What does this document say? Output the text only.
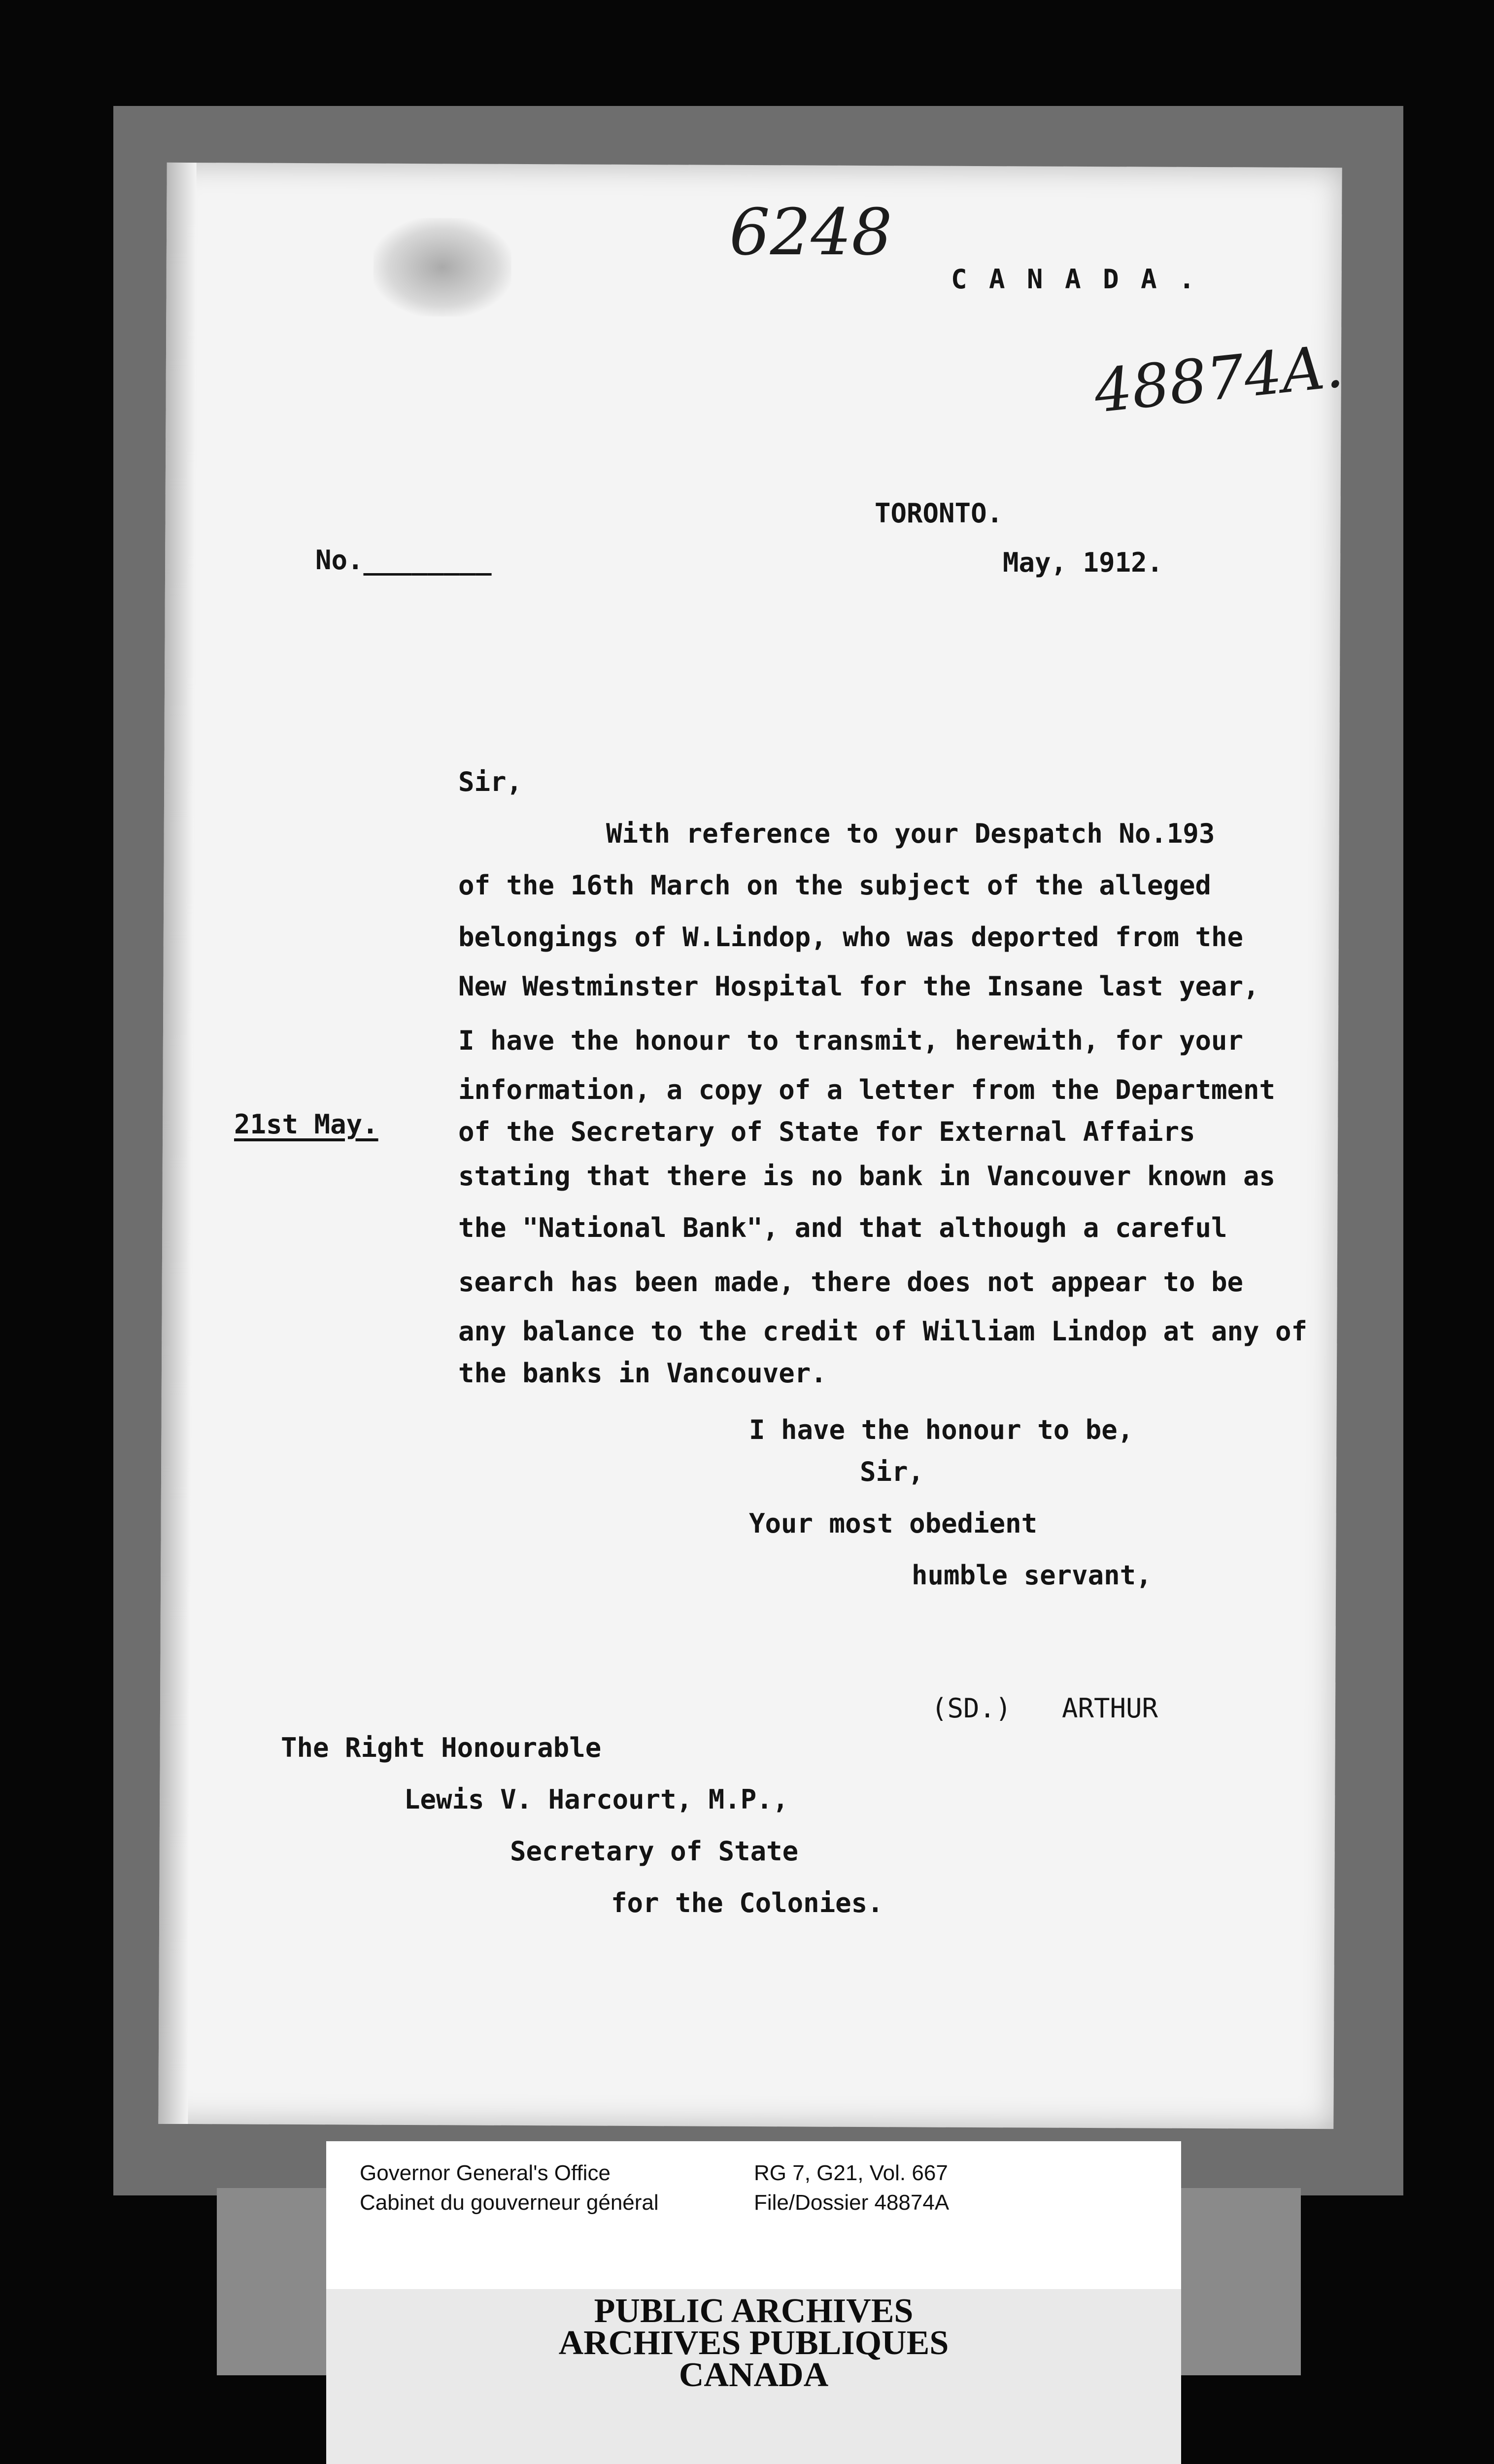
6248

48874A.

C A N A D A .

TORONTO.

No.________	May, 1912.

21st May.

Sir,

With reference to your Despatch No.193

of the 16th March on the subject of the alleged

belongings of W.Lindop, who was deported from the

New Westminster Hospital for the Insane last year,

I have the honour to transmit, herewith, for your

information, a copy of a letter from the Department

of the Secretary of State for External Affairs

stating that there is no bank in Vancouver known as

the "National Bank", and that although a careful

search has been made, there does not appear to be

any balance to the credit of William Lindop at any of

the banks in Vancouver.

I have the honour to be,

Sir,

Your most obedient

humble servant,

(SD.) ARTHUR

The Right Honourable

Lewis V. Harcourt, M.P.,

Secretary of State

for the Colonies.

Governor General's Office

Cabinet du gouverneur général

RG 7, G21, Vol. 667

File/Dossier 48874A

PUBLIC ARCHIVES

ARCHIVES PUBLIQUES

CANADA
